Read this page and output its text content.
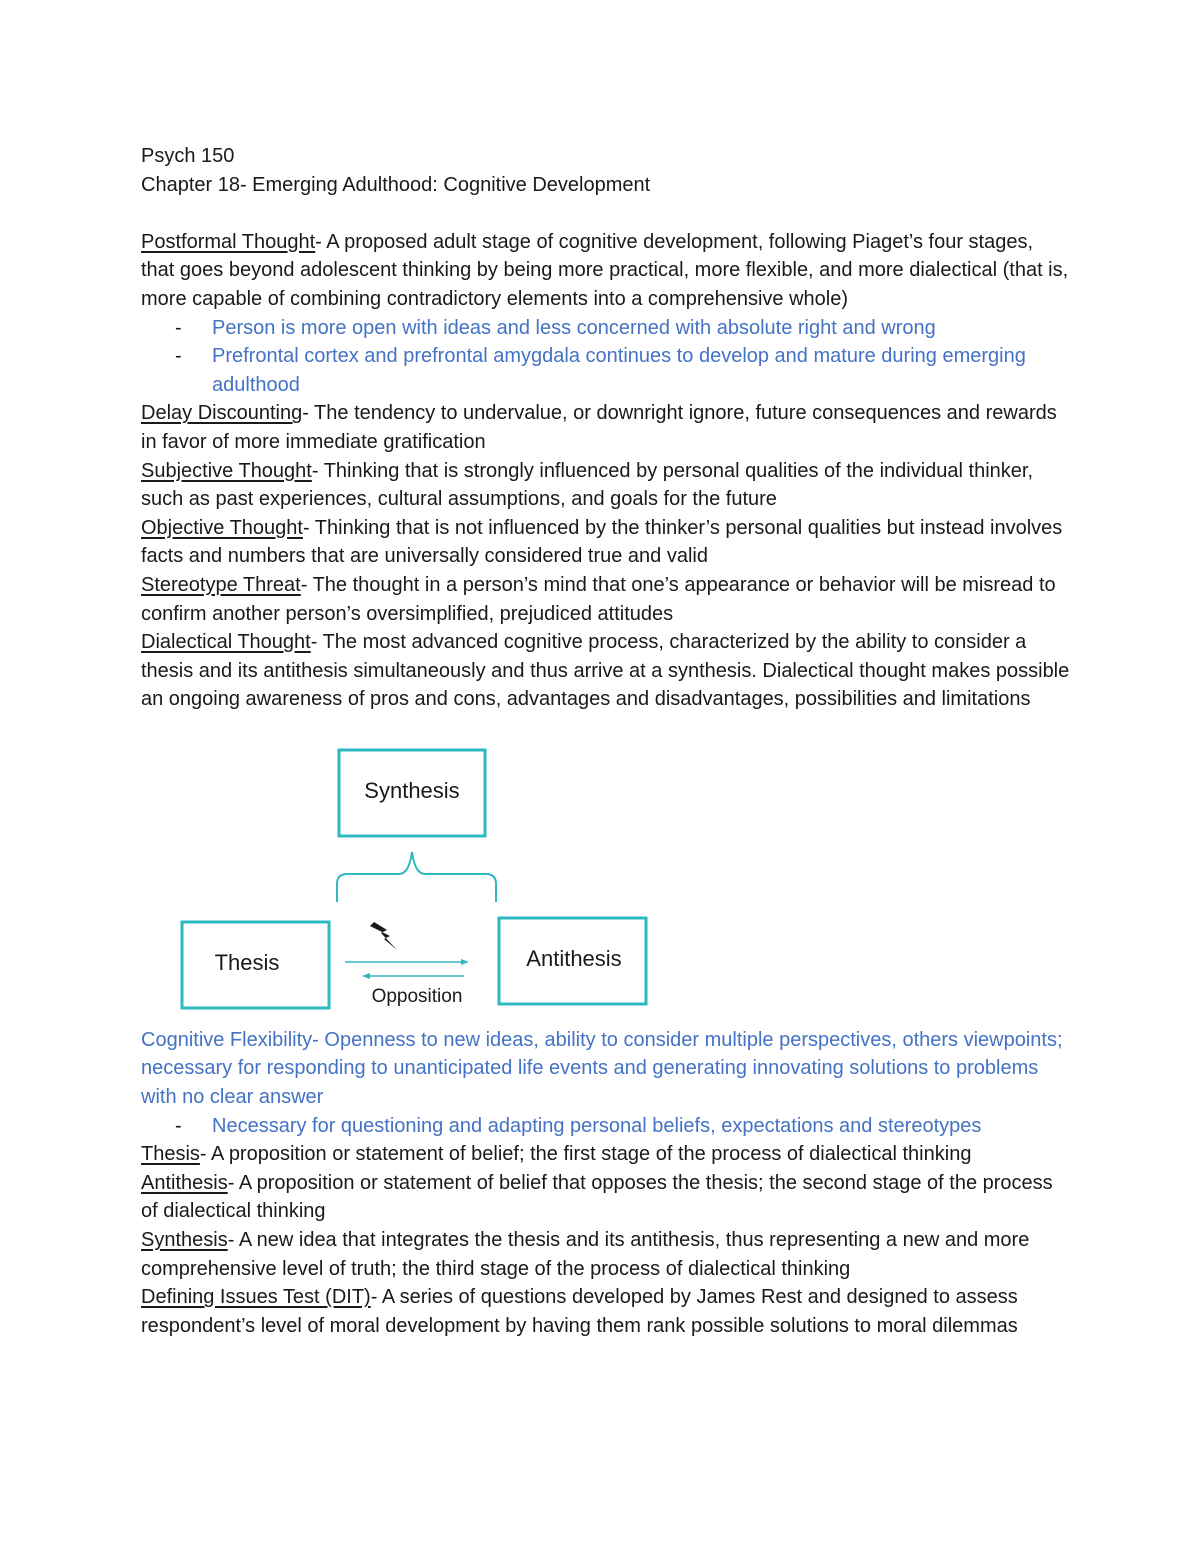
Psych 150

Chapter 18- Emerging Adulthood: Cognitive Development

Postformal Thought- A proposed adult stage of cognitive development, following Piaget’s four stages, that goes beyond adolescent thinking by being more practical, more flexible, and more dialectical (that is, more capable of combining contradictory elements into a comprehensive whole)

- Person is more open with ideas and less concerned with absolute right and wrong

- Prefrontal cortex and prefrontal amygdala continues to develop and mature during emerging adulthood

Delay Discounting- The tendency to undervalue, or downright ignore, future consequences and rewards in favor of more immediate gratification

Subjective Thought- Thinking that is strongly influenced by personal qualities of the individual thinker, such as past experiences, cultural assumptions, and goals for the future

Objective Thought- Thinking that is not influenced by the thinker’s personal qualities but instead involves facts and numbers that are universally considered true and valid

Stereotype Threat- The thought in a person’s mind that one’s appearance or behavior will be misread to confirm another person’s oversimplified, prejudiced attitudes

Dialectical Thought- The most advanced cognitive process, characterized by the ability to consider a thesis and its antithesis simultaneously and thus arrive at a synthesis. Dialectical thought makes possible an ongoing awareness of pros and cons, advantages and disadvantages, possibilities and limitations

Synthesis
Thesis	Antithesis
Opposition

Cognitive Flexibility- Openness to new ideas, ability to consider multiple perspectives, others viewpoints; necessary for responding to unanticipated life events and generating innovating solutions to problems with no clear answer

- Necessary for questioning and adapting personal beliefs, expectations and stereotypes

Thesis- A proposition or statement of belief; the first stage of the process of dialectical thinking

Antithesis- A proposition or statement of belief that opposes the thesis; the second stage of the process of dialectical thinking

Synthesis- A new idea that integrates the thesis and its antithesis, thus representing a new and more comprehensive level of truth; the third stage of the process of dialectical thinking

Defining Issues Test (DIT)- A series of questions developed by James Rest and designed to assess respondent’s level of moral development by having them rank possible solutions to moral dilemmas
